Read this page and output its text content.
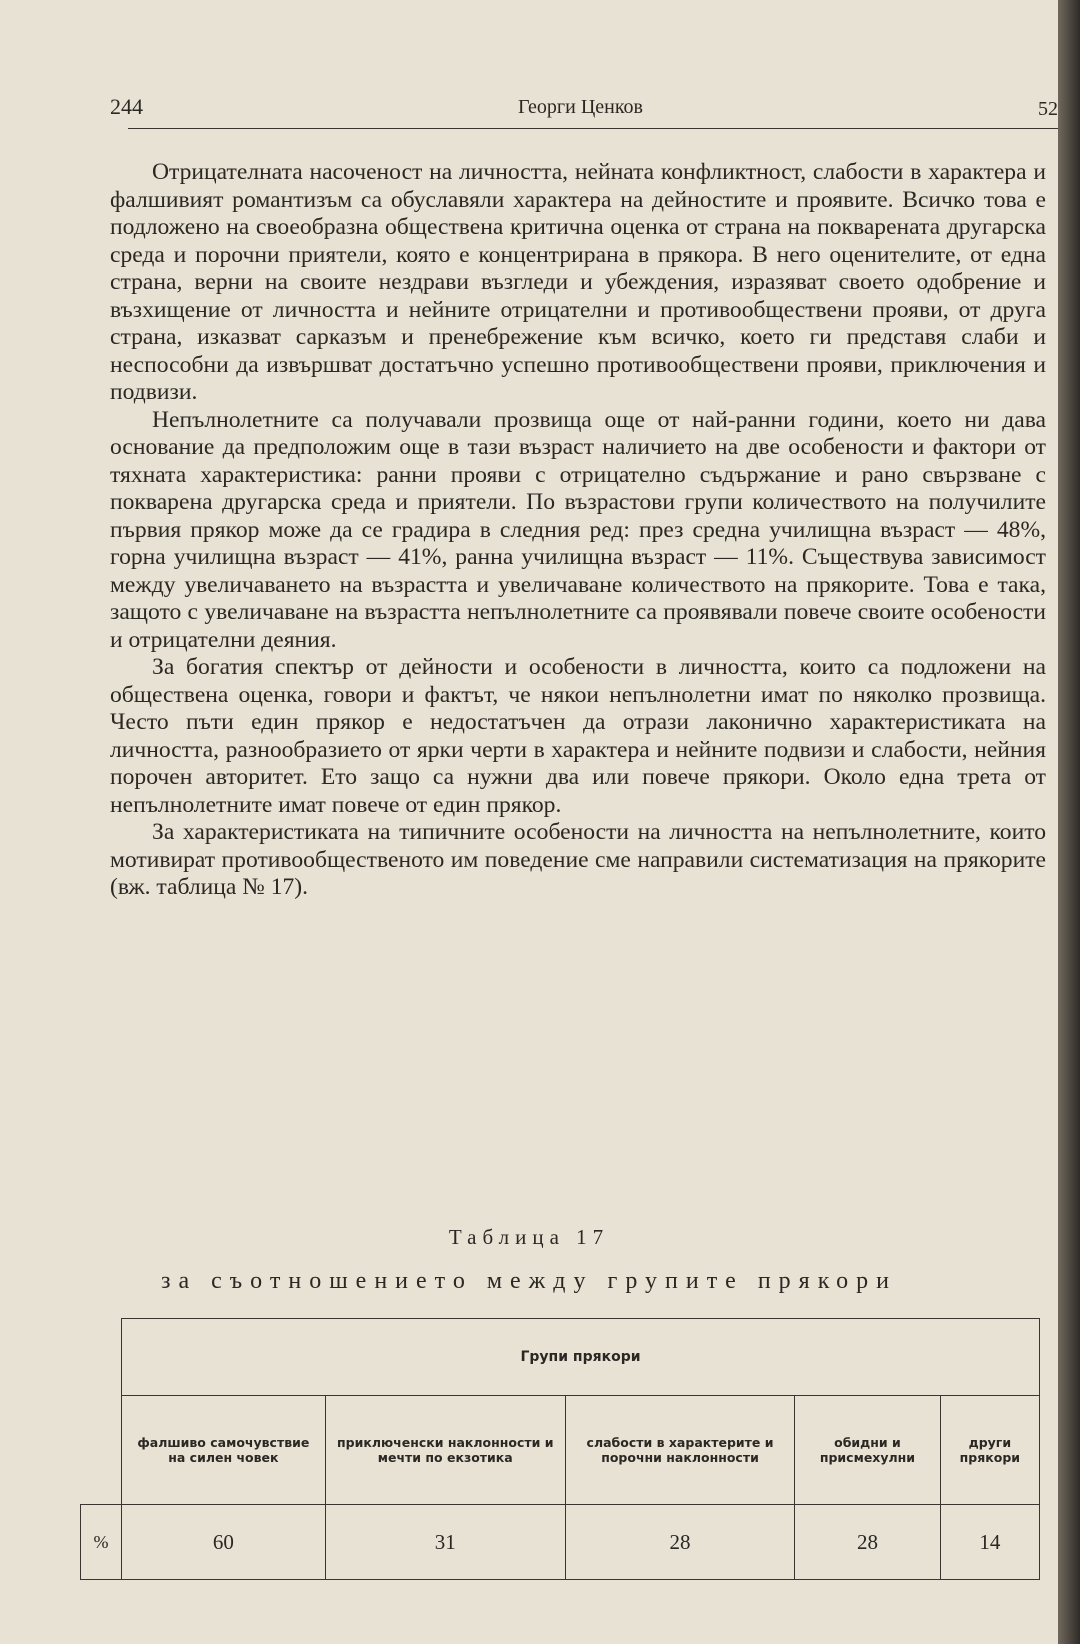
244	Георги Ценков	52

Отрицателната насоченост на личността, нейната конфликтност, слабости в характера и фалшивият романтизъм са обуславяли характера на дейностите и проявите. Всичко това е подложено на своеобразна обществена критична оценка от страна на покварената другарска среда и порочни приятели, която е концентрирана в прякора. В него оценителите, от една страна, верни на своите нездрави възгледи и убеждения, изразяват своето одобрение и възхищение от личността и нейните отрицателни и противообществени прояви, от друга страна, изказват сарказъм и пренебрежение към всичко, което ги представя слаби и неспособни да извършват достатъчно успешно противообществени прояви, приключения и подвизи.

Непълнолетните са получавали прозвища още от най-ранни години, което ни дава основание да предположим още в тази възраст наличието на две особености и фактори от тяхната характеристика: ранни прояви с отрицателно съдържание и рано свързване с покварена другарска среда и приятели. По възрастови групи количеството на получилите първия прякор може да се градира в следния ред: през средна училищна възраст — 48%, горна училищна възраст — 41%, ранна училищна възраст — 11%. Съществува зависимост между увеличаването на възрастта и увеличаване количеството на прякорите. Това е така, защото с увеличаване на възрастта непълнолетните са проявявали повече своите особености и отрицателни деяния.

За богатия спектър от дейности и особености в личността, които са подложени на обществена оценка, говори и фактът, че някои непълнолетни имат по няколко прозвища. Често пъти един прякор е недостатъчен да отрази лаконично характеристиката на личността, разнообразието от ярки черти в характера и нейните подвизи и слабости, нейния порочен авторитет. Ето защо са нужни два или повече прякори. Около една трета от непълнолетните имат повече от един прякор.

За характеристиката на типичните особености на личността на непълнолетните, които мотивират противообщественото им поведение сме направили систематизация на прякорите (вж. таблица № 17).

Таблица 17
за съотношението между групите прякори
	Групи прякори				

	фалшиво самочувствие на силен човек	приключенски наклонности и мечти по екзотика	слабости в характерите и порочни наклонности	обидни и присмехулни	други прякори

%	60	31	28	28	14
